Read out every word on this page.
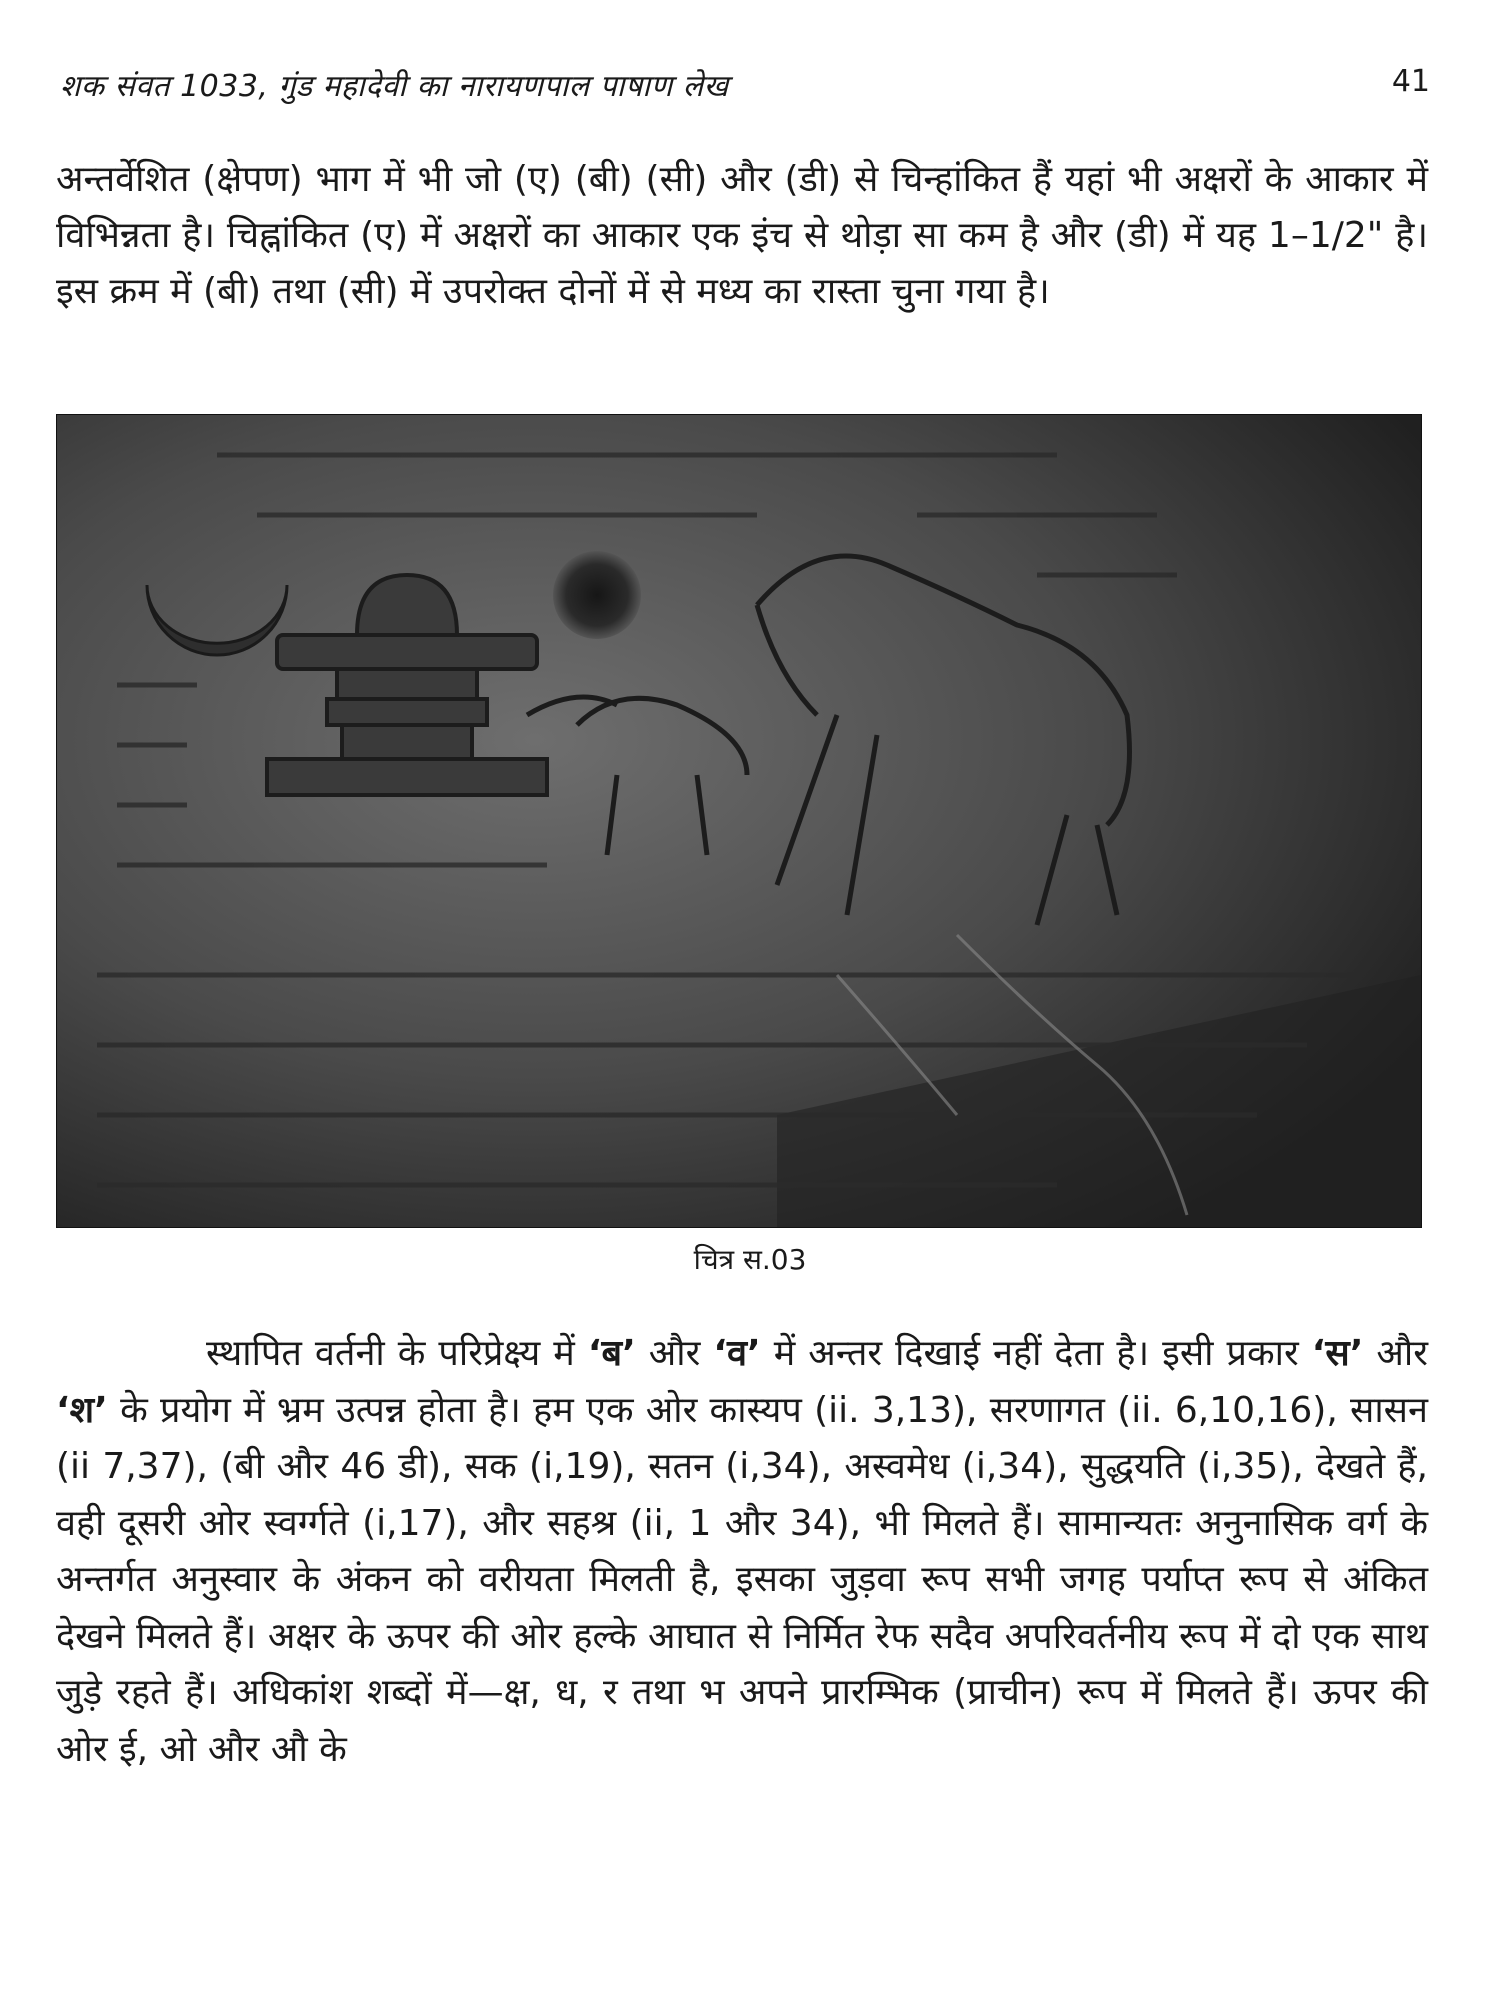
शक संवत 1033, गुंड महादेवी का नारायणपाल पाषाण लेख	41

अन्तर्वेशित (क्षेपण) भाग में भी जो (ए) (बी) (सी) और (डी) से चिन्हांकित हैं यहां भी अक्षरों के आकार में विभिन्नता है। चिह्नांकित (ए) में अक्षरों का आकार एक इंच से थोड़ा सा कम है और (डी) में यह 1–1/2" है। इस क्रम में (बी) तथा (सी) में उपरोक्त दोनों में से मध्य का रास्ता चुना गया है।

चित्र स.03

स्थापित वर्तनी के परिप्रेक्ष्य में ‘ब’ और ‘व’ में अन्तर दिखाई नहीं देता है। इसी प्रकार ‘स’ और ‘श’ के प्रयोग में भ्रम उत्पन्न होता है। हम एक ओर कास्यप (ii. 3,13), सरणागत (ii. 6,10,16), सासन (ii 7,37), (बी और 46 डी), सक (i,19), सतन (i,34), अस्वमेध (i,34), सुद्धयति (i,35), देखते हैं, वही दूसरी ओर स्वर्ग्गते (i,17), और सहश्र (ii, 1 और 34), भी मिलते हैं। सामान्यतः अनुनासिक वर्ग के अन्तर्गत अनुस्वार के अंकन को वरीयता मिलती है, इसका जुड़वा रूप सभी जगह पर्याप्त रूप से अंकित देखने मिलते हैं। अक्षर के ऊपर की ओर हल्के आघात से निर्मित रेफ सदैव अपरिवर्तनीय रूप में दो एक साथ जुड़े रहते हैं। अधिकांश शब्दों में—क्ष, ध, र तथा भ अपने प्रारम्भिक (प्राचीन) रूप में मिलते हैं। ऊपर की ओर ई, ओ और औ के
